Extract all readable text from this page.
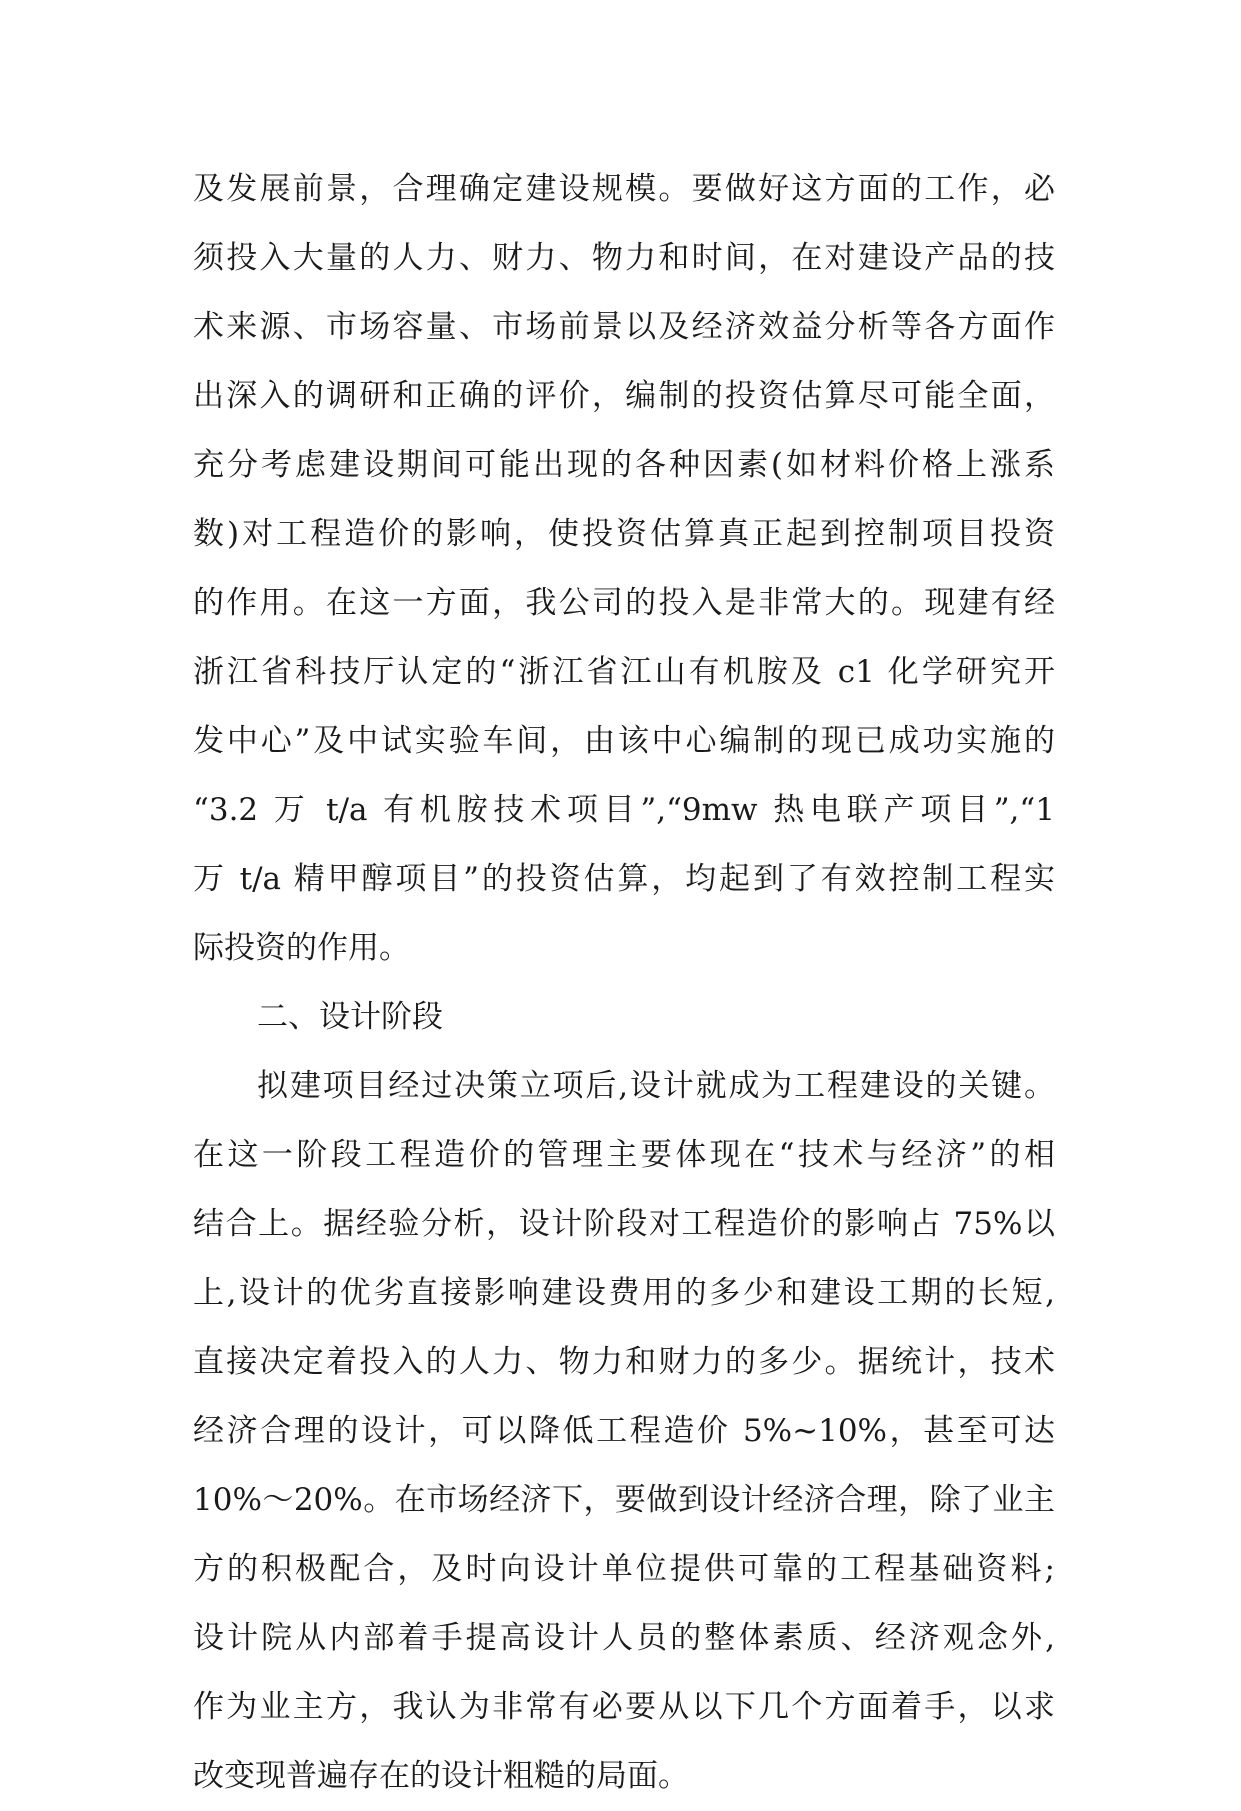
及发展前景，合理确定建设规模。要做好这方面的工作，必
须投入大量的人力、财力、物力和时间，在对建设产品的技
术来源、市场容量、市场前景以及经济效益分析等各方面作
出深入的调研和正确的评价，编制的投资估算尽可能全面，
充分考虑建设期间可能出现的各种因素(如材料价格上涨系
数)对工程造价的影响，使投资估算真正起到控制项目投资
的作用。在这一方面，我公司的投入是非常大的。现建有经
浙江省科技厅认定的“浙江省江山有机胺及 c1 化学研究开
发中心”及中试实验车间，由该中心编制的现已成功实施的
“3.2 万 t/a 有机胺技术项目”,“9mw 热电联产项目”,“1
万 t/a 精甲醇项目”的投资估算，均起到了有效控制工程实
际投资的作用。
二、设计阶段
拟建项目经过决策立项后,设计就成为工程建设的关键。
在这一阶段工程造价的管理主要体现在“技术与经济”的相
结合上。据经验分析，设计阶段对工程造价的影响占 75%以
上,设计的优劣直接影响建设费用的多少和建设工期的长短,
直接决定着投入的人力、物力和财力的多少。据统计，技术
经济合理的设计，可以降低工程造价 5%~10%，甚至可达
10%～20%。在市场经济下，要做到设计经济合理，除了业主
方的积极配合，及时向设计单位提供可靠的工程基础资料;
设计院从内部着手提高设计人员的整体素质、经济观念外,
作为业主方，我认为非常有必要从以下几个方面着手，以求
改变现普遍存在的设计粗糙的局面。
